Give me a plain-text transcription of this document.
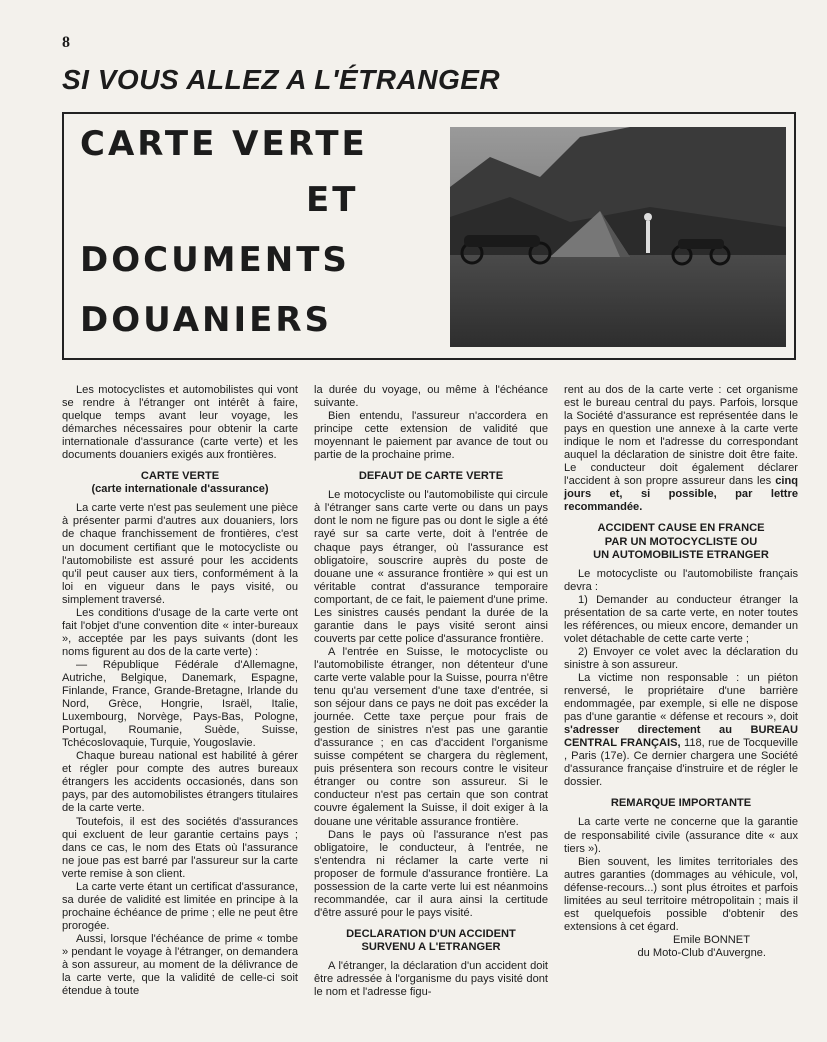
8
SI VOUS ALLEZ A L'ÉTRANGER
CARTE VERTE
ET
DOCUMENTS
DOUANIERS

Les motocyclistes et automobilistes qui vont se rendre à l'étranger ont intérêt à faire, quelque temps avant leur voyage, les démarches nécessaires pour obtenir la carte internationale d'assurance (carte verte) et les documents douaniers exigés aux frontières.

CARTE VERTE
(carte internationale d'assurance)

La carte verte n'est pas seulement une pièce à présenter parmi d'autres aux douaniers, lors de chaque franchissement de frontières, c'est un document certifiant que le motocycliste ou l'automobiliste est assuré pour les accidents qu'il peut causer aux tiers, conformément à la loi en vigueur dans le pays visité, ou simplement traversé.

Les conditions d'usage de la carte verte ont fait l'objet d'une convention dite « inter-bureaux », acceptée par les pays suivants (dont les noms figurent au dos de la carte verte) :

— République Fédérale d'Allemagne, Autriche, Belgique, Danemark, Espagne, Finlande, France, Grande-Bretagne, Irlande du Nord, Grèce, Hongrie, Israël, Italie, Luxembourg, Norvège, Pays-Bas, Pologne, Portugal, Roumanie, Suède, Suisse, Tchécoslovaquie, Turquie, Yougoslavie.

Chaque bureau national est habilité à gérer et régler pour compte des autres bureaux étrangers les accidents occasionés, dans son pays, par des automobilistes étrangers titulaires de la carte verte.

Toutefois, il est des sociétés d'assurances qui excluent de leur garantie certains pays ; dans ce cas, le nom des Etats où l'assurance ne joue pas est barré par l'assureur sur la carte verte remise à son client.

La carte verte étant un certificat d'assurance, sa durée de validité est limitée en principe à la prochaine échéance de prime ; elle ne peut être prorogée.

Aussi, lorsque l'échéance de prime « tombe » pendant le voyage à l'étranger, on demandera à son assureur, au moment de la délivrance de la carte verte, que la validité de celle-ci soit étendue à toute

la durée du voyage, ou même à l'échéance suivante.

Bien entendu, l'assureur n'accordera en principe cette extension de validité que moyennant le paiement par avance de tout ou partie de la prochaine prime.

DEFAUT DE CARTE VERTE

Le motocycliste ou l'automobiliste qui circule à l'étranger sans carte verte ou dans un pays dont le nom ne figure pas ou dont le sigle a été rayé sur sa carte verte, doit à l'entrée de chaque pays étranger, où l'assurance est obligatoire, souscrire auprès du poste de douane une « assurance frontière » qui est un véritable contrat d'assurance temporaire comportant, de ce fait, le paiement d'une prime. Les sinistres causés pendant la durée de la garantie dans le pays visité seront ainsi couverts par cette police d'assurance frontière.

A l'entrée en Suisse, le motocycliste ou l'automobiliste étranger, non détenteur d'une carte verte valable pour la Suisse, pourra n'être tenu qu'au versement d'une taxe d'entrée, si son séjour dans ce pays ne doit pas excéder la journée. Cette taxe perçue pour frais de gestion de sinistres n'est pas une garantie d'assurance ; en cas d'accident l'organisme suisse compétent se chargera du règlement, puis présentera son recours contre le visiteur étranger ou contre son assureur. Si le conducteur n'est pas certain que son contrat couvre également la Suisse, il doit exiger à la douane une véritable assurance frontière.

Dans le pays où l'assurance n'est pas obligatoire, le conducteur, à l'entrée, ne s'entendra ni réclamer la carte verte ni proposer de formule d'assurance frontière. La possession de la carte verte lui est néanmoins recommandée, car il aura ainsi la certitude d'être assuré pour le pays visité.

DECLARATION D'UN ACCIDENT
SURVENU A L'ETRANGER

A l'étranger, la déclaration d'un accident doit être adressée à l'organisme du pays visité dont le nom et l'adresse figu-

rent au dos de la carte verte : cet organisme est le bureau central du pays. Parfois, lorsque la Société d'assurance est représentée dans le pays en question une annexe à la carte verte indique le nom et l'adresse du correspondant auquel la déclaration de sinistre doit être faite. Le conducteur doit également déclarer l'accident à son propre assureur dans les cinq jours et, si possible, par lettre recommandée.

ACCIDENT CAUSE EN FRANCE
PAR UN MOTOCYCLISTE OU
UN AUTOMOBILISTE ETRANGER

Le motocycliste ou l'automobiliste français devra :

1) Demander au conducteur étranger la présentation de sa carte verte, en noter toutes les références, ou mieux encore, demander un volet détachable de cette carte verte ;

2) Envoyer ce volet avec la déclaration du sinistre à son assureur.

La victime non responsable : un piéton renversé, le propriétaire d'une barrière endommagée, par exemple, si elle ne dispose pas d'une garantie « défense et recours », doit s'adresser directement au BUREAU CENTRAL FRANÇAIS, 118, rue de Tocqueville , Paris (17e). Ce dernier chargera une Société d'assurance française d'instruire et de régler le dossier.

REMARQUE IMPORTANTE

La carte verte ne concerne que la garantie de responsabilité civile (assurance dite « aux tiers »).

Bien souvent, les limites territoriales des autres garanties (dommages au véhicule, vol, défense-recours...) sont plus étroites et parfois limitées au seul territoire métropolitain ; mais il est quelquefois possible d'obtenir des extensions à cet égard.

Emile BONNET

du Moto-Club d'Auvergne.
